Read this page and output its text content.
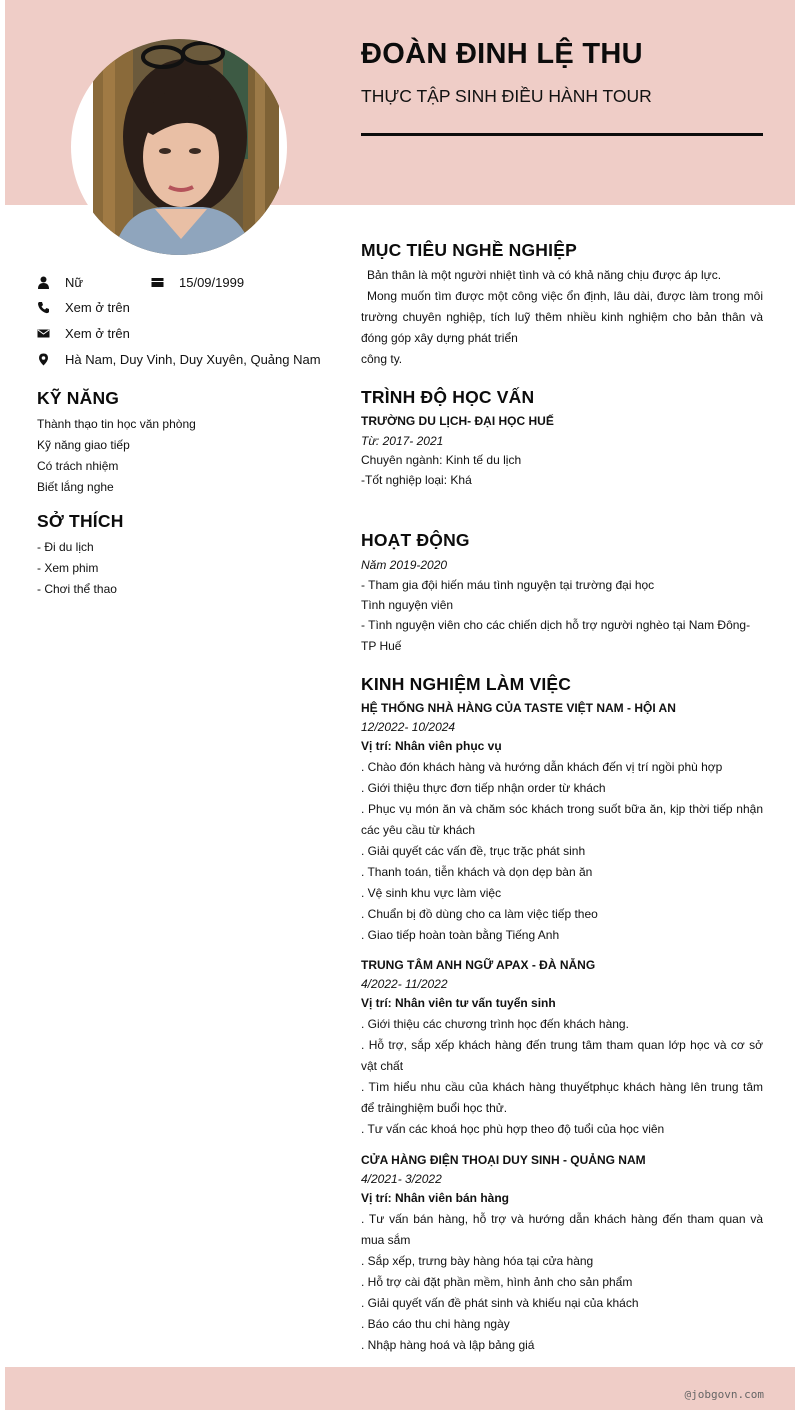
ĐOÀN ĐINH LỆ THU
THỰC TẬP SINH ĐIỀU HÀNH TOUR
Nữ	15/09/1999
Xem ở trên
Xem ở trên
Hà Nam, Duy Vinh, Duy Xuyên, Quảng Nam
KỸ NĂNG
Thành thạo tin học văn phòng
Kỹ năng giao tiếp
Có trách nhiệm
Biết lắng nghe
SỞ THÍCH
- Đi du lịch
- Xem phim
- Chơi thể thao
MỤC TIÊU NGHỀ NGHIỆP

Bản thân là một người nhiệt tình và có khả năng chịu được áp lực.

Mong muốn tìm được một công việc ổn định, lâu dài, được làm trong môi trường chuyên nghiệp, tích luỹ thêm nhiều kinh nghiệm cho bản thân và đóng góp xây dựng phát triển

công ty.

TRÌNH ĐỘ HỌC VẤN

TRƯỜNG DU LỊCH- ĐẠI HỌC HUẾ

Từ: 2017- 2021

Chuyên ngành: Kinh tế du lịch

-Tốt nghiệp loại: Khá

HOẠT ĐỘNG

Năm 2019-2020

- Tham gia đội hiến máu tình nguyện tại trường đại học

Tình nguyện viên

- Tình nguyện viên cho các chiến dịch hỗ trợ người nghèo tại Nam Đông- TP Huế

KINH NGHIỆM LÀM VIỆC

HỆ THỐNG NHÀ HÀNG CỦA TASTE VIỆT NAM - HỘI AN

12/2022- 10/2024

Vị trí: Nhân viên phục vụ

. Chào đón khách hàng và hướng dẫn khách đến vị trí ngồi phù hợp

. Giới thiệu thực đơn tiếp nhận order từ khách

. Phục vụ món ăn và chăm sóc khách trong suốt bữa ăn, kịp thời tiếp nhận các yêu cầu từ khách

. Giải quyết các vấn đề, trục trặc phát sinh

. Thanh toán, tiễn khách và dọn dẹp bàn ăn

. Vệ sinh khu vực làm việc

. Chuẩn bị đồ dùng cho ca làm việc tiếp theo

. Giao tiếp hoàn toàn bằng Tiếng Anh

TRUNG TÂM ANH NGỮ APAX - ĐÀ NẴNG

4/2022- 11/2022

Vị trí: Nhân viên tư vấn tuyển sinh

. Giới thiệu các chương trình học đến khách hàng.

. Hỗ trợ, sắp xếp khách hàng đến trung tâm tham quan lớp học và cơ sở vật chất

. Tìm hiểu nhu cầu của khách hàng thuyếtphục khách hàng lên trung tâm để trảinghiệm buổi học thử.

. Tư vấn các khoá học phù hợp theo độ tuổi của học viên

CỬA HÀNG ĐIỆN THOẠI DUY SINH - QUẢNG NAM

4/2021- 3/2022

Vị trí: Nhân viên bán hàng

. Tư vấn bán hàng, hỗ trợ và hướng dẫn khách hàng đến tham quan và mua sắm

. Sắp xếp, trưng bày hàng hóa tại cửa hàng

. Hỗ trợ cài đặt phần mềm, hình ảnh cho sản phẩm

. Giải quyết vấn đề phát sinh và khiếu nại của khách

. Báo cáo thu chi hàng ngày

. Nhập hàng hoá và lập bảng giá

@jobgovn.com
